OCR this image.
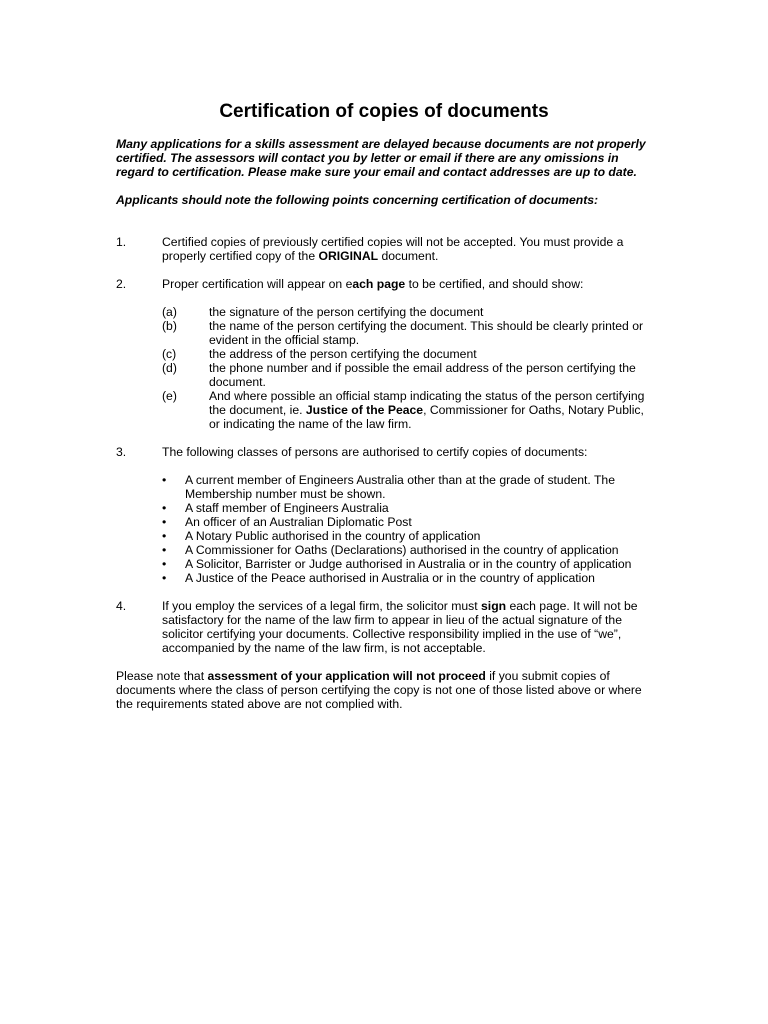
Certification of copies of documents

Many applications for a skills assessment are delayed because documents are not properly certified. The assessors will contact you by letter or email if there are any omissions in regard to certification. Please make sure your email and contact addresses are up to date.

Applicants should note the following points concerning certification of documents:

1.	Certified copies of previously certified copies will not be accepted. You must provide a properly certified copy of the ORIGINAL document.
2.	Proper certification will appear on each page to be certified, and should show:
(a)	the signature of the person certifying the document
(b)	the name of the person certifying the document. This should be clearly printed or evident in the official stamp.
(c)	the address of the person certifying the document
(d)	the phone number and if possible the email address of the person certifying the document.
(e)	And where possible an official stamp indicating the status of the person certifying the document, ie. Justice of the Peace, Commissioner for Oaths, Notary Public, or indicating the name of the law firm.
3.	The following classes of persons are authorised to certify copies of documents:
• A current member of Engineers Australia other than at the grade of student. The Membership number must be shown.
• A staff member of Engineers Australia
• An officer of an Australian Diplomatic Post
• A Notary Public authorised in the country of application
• A Commissioner for Oaths (Declarations) authorised in the country of application
• A Solicitor, Barrister or Judge authorised in Australia or in the country of application
• A Justice of the Peace authorised in Australia or in the country of application
4.	If you employ the services of a legal firm, the solicitor must sign each page. It will not be satisfactory for the name of the law firm to appear in lieu of the actual signature of the solicitor certifying your documents. Collective responsibility implied in the use of “we”, accompanied by the name of the law firm, is not acceptable.
Please note that assessment of your application will not proceed if you submit copies of documents where the class of person certifying the copy is not one of those listed above or where the requirements stated above are not complied with.
